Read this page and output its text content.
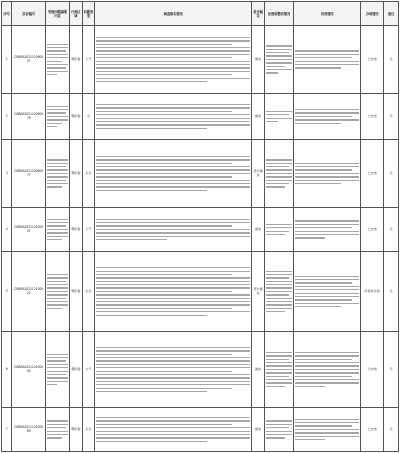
序号	信访编号	受理问题摘要内容	行政区域	问题类型	调查核实情况	是否属实	处理和整改情况	问责情况	办结情况	备注
1	D3BSA202112090057		鄂伦春	大气		属实			已办结	无
2	D3BSA202112090079		鄂伦春	水		属实			已办结	无
3	D3BSA202112090077		鄂伦春	生态		部分属实			已办结	无
4	D3BSA202112100007		鄂伦春	大气		属实			已办结	无
5	D3BSA202112100022		鄂伦春	生态		部分属实			阶段性办结	无
6	D3BSA202112100004		鄂伦春	大气		属实			已办结	无
7	D3BSA202112100069		鄂伦春	生态		属实			已办结	无
